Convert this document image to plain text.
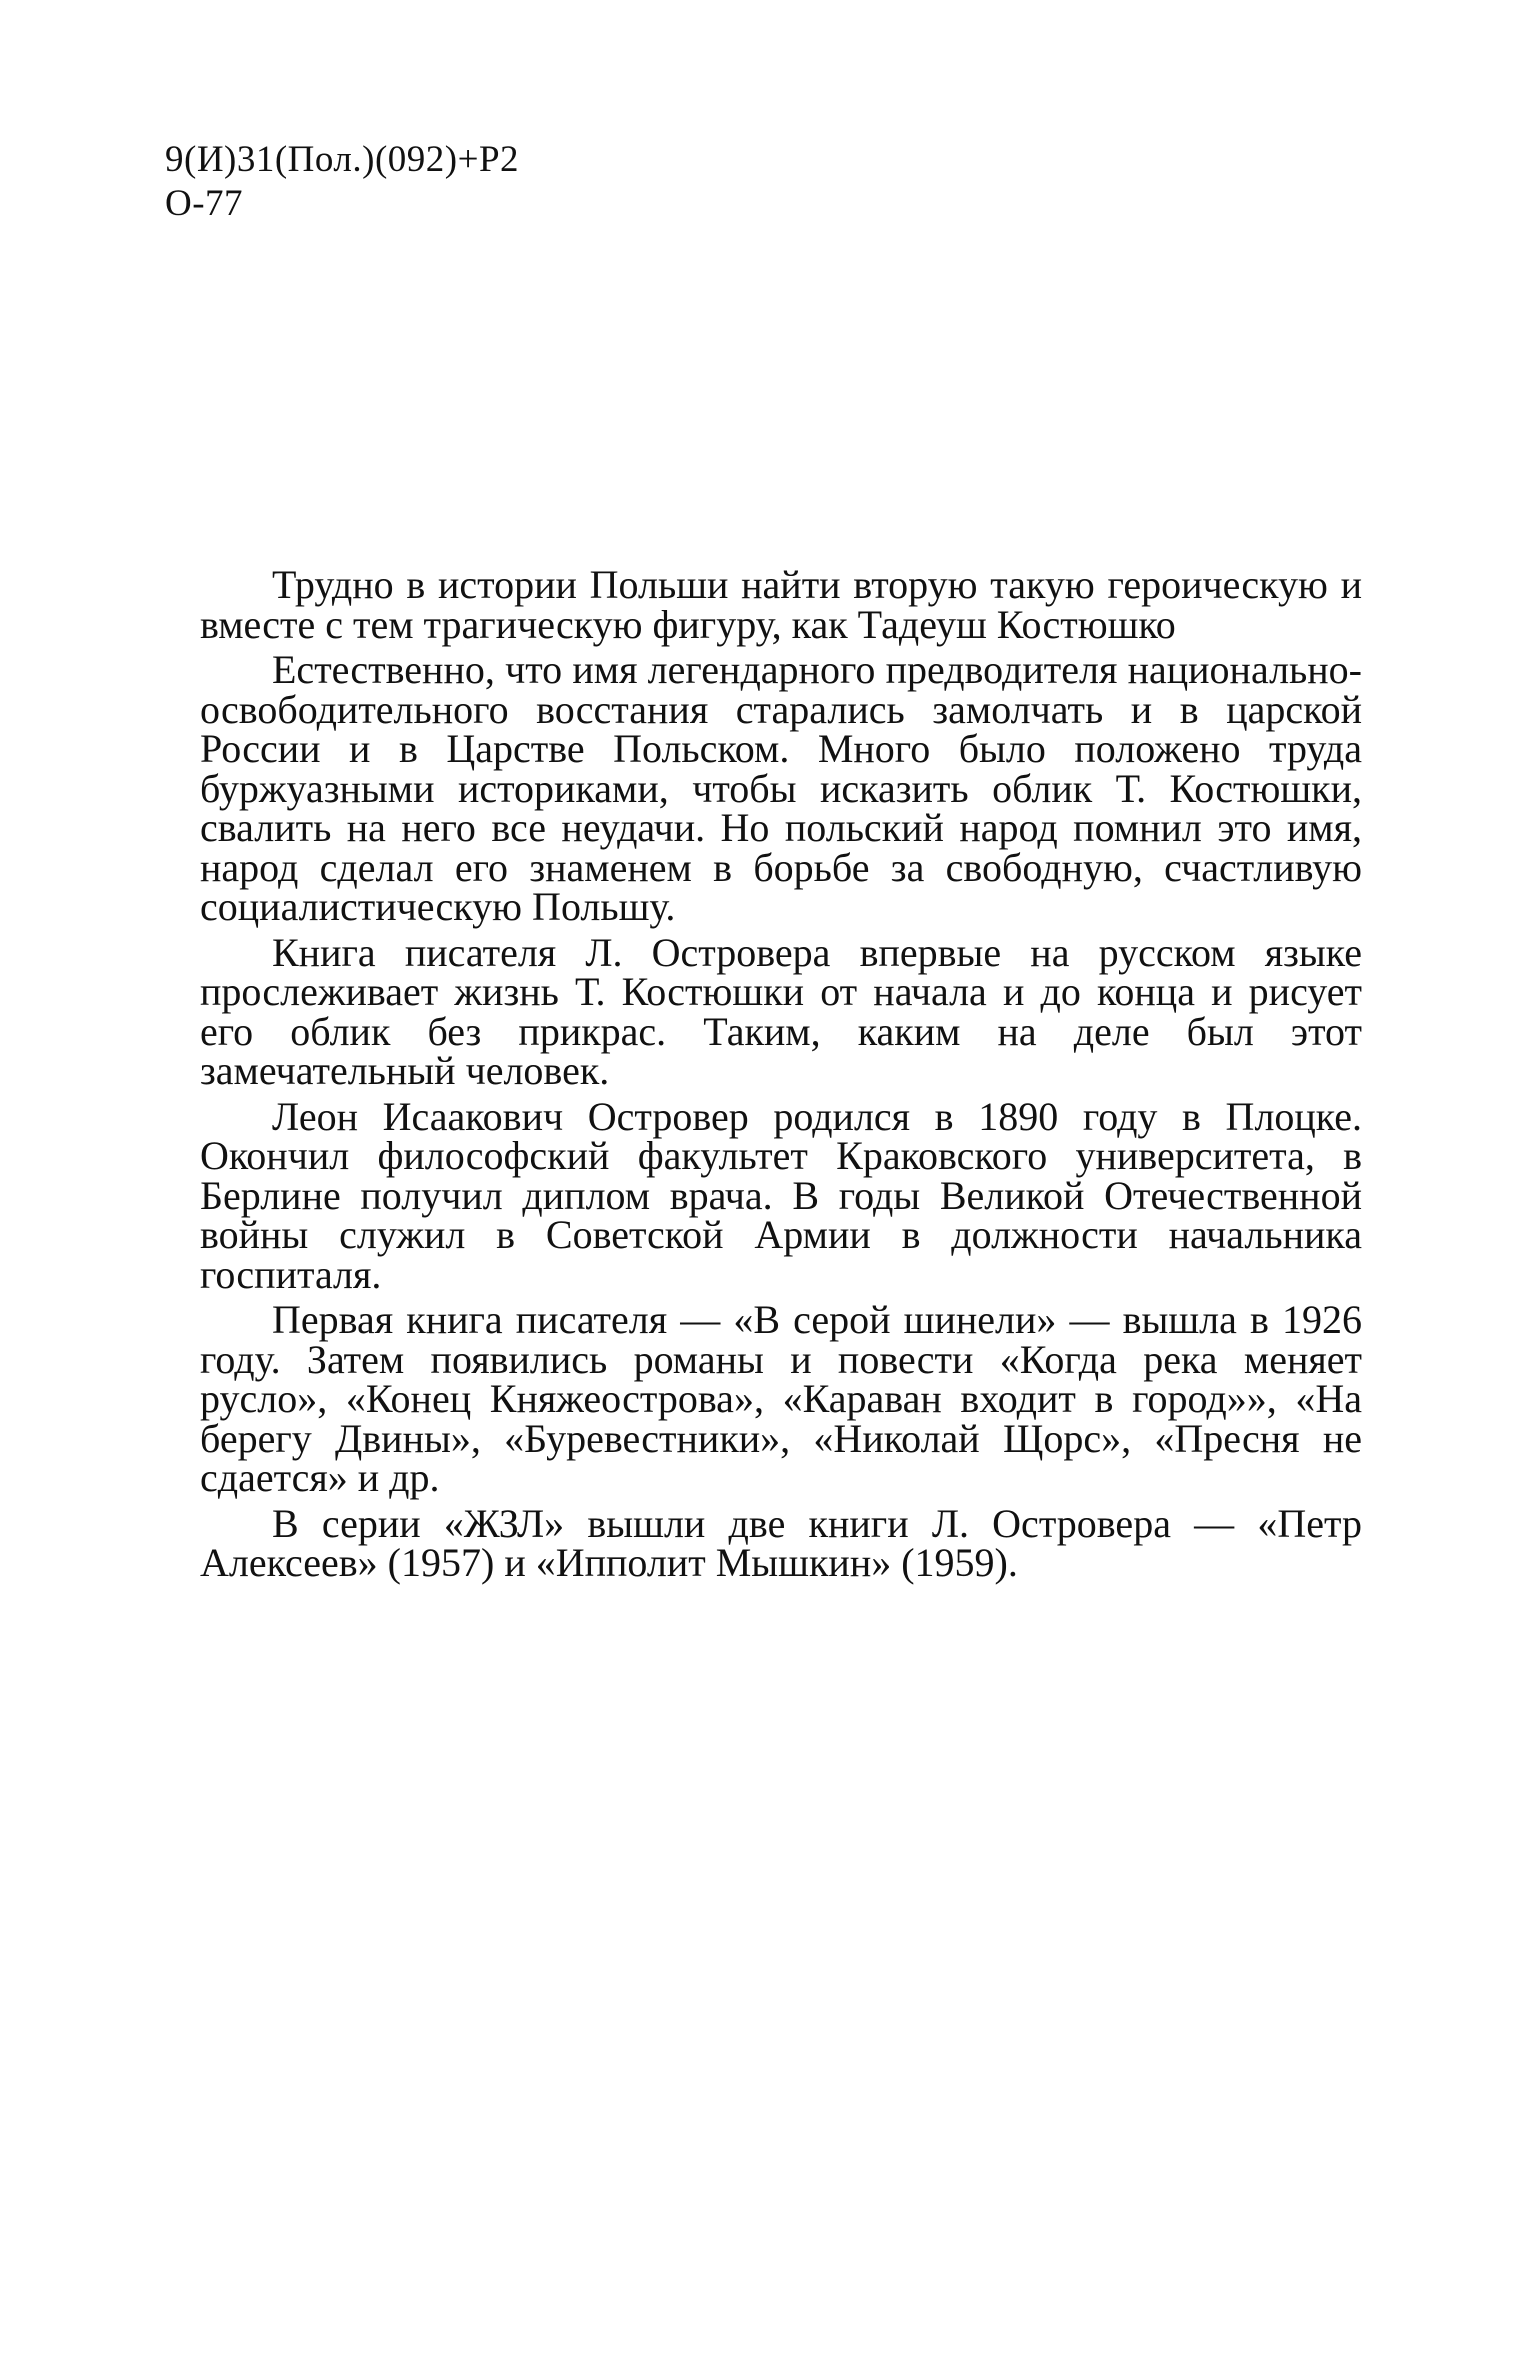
9(И)31(Пол.)(092)+Р2
О-77

Трудно в истории Польши найти вторую такую героическую и вместе с тем трагическую фигуру, как Тадеуш Костюшко

Естественно, что имя легендарного предводителя национально-освободительного восстания старались замолчать и в царской России и в Царстве Польском. Много было положено труда буржуазными историками, чтобы исказить облик Т. Костюшки, свалить на него все неудачи. Но польский народ помнил это имя, народ сделал его знаменем в борьбе за свободную, счастливую социалистическую Польшу.

Книга писателя Л. Островера впервые на русском языке прослеживает жизнь Т. Костюшки от начала и до конца и рисует его облик без прикрас. Таким, каким на деле был этот замечательный человек.

Леон Исаакович Островер родился в 1890 году в Плоцке. Окончил философский факультет Краковского университета, в Берлине получил диплом врача. В годы Великой Отечественной войны служил в Советской Армии в должности начальника госпиталя.

Первая книга писателя — «В серой шинели» — вышла в 1926 году. Затем появились романы и повести «Когда река меняет русло», «Конец Княжеострова», «Караван входит в город»», «На берегу Двины», «Буревестники», «Николай Щорс», «Пресня не сдается» и др.

В серии «ЖЗЛ» вышли две книги Л. Островера — «Петр Алексеев» (1957) и «Ипполит Мышкин» (1959).
